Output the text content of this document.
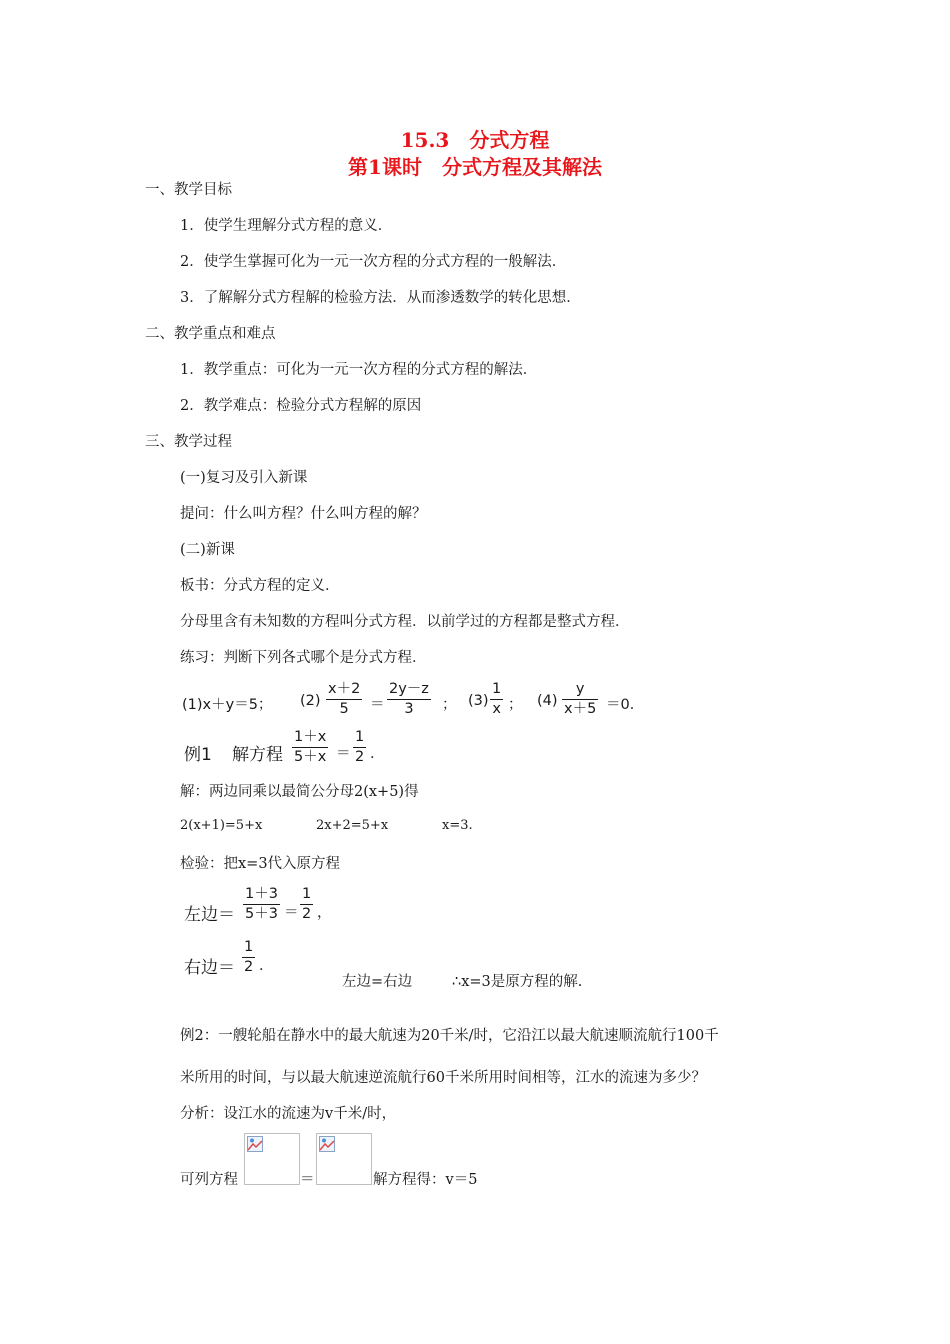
15.3　分式方程
第1课时　分式方程及其解法
一、教学目标
1．使学生理解分式方程的意义．
2．使学生掌握可化为一元一次方程的分式方程的一般解法．
3．了解解分式方程解的检验方法．从而渗透数学的转化思想．
二、教学重点和难点
1．教学重点：可化为一元一次方程的分式方程的解法．
2．教学难点：检验分式方程解的原因
三、教学过程
(一)复习及引入新课
提问：什么叫方程？什么叫方程的解？
(二)新课
板书：分式方程的定义．
分母里含有未知数的方程叫分式方程．以前学过的方程都是整式方程．
练习：判断下列各式哪个是分式方程．
(1)x＋y＝5； (2)
x＋2
5 ＝
2y－z
3 ； (3)
1
x ； (4)
y
x＋5 ＝0．
例1 解方程
1＋x
5＋x ＝
1
2 ．
解：两边同乘以最简公分母2(x+5)得
2(x+1)=5+x	2x+2=5+x	x=3.
检验：把x=3代入原方程
左边＝
1＋3
5＋3 ＝
1
2 ，
右边＝
1
2 ．
左边=右边	∴x=3是原方程的解.
例2：一艘轮船在静水中的最大航速为20千米/时，它沿江以最大航速顺流航行100千
米所用的时间，与以最大航速逆流航行60千米所用时间相等，江水的流速为多少？
分析：设江水的流速为v千米/时，
可列方程	＝	解方程得：v＝5
